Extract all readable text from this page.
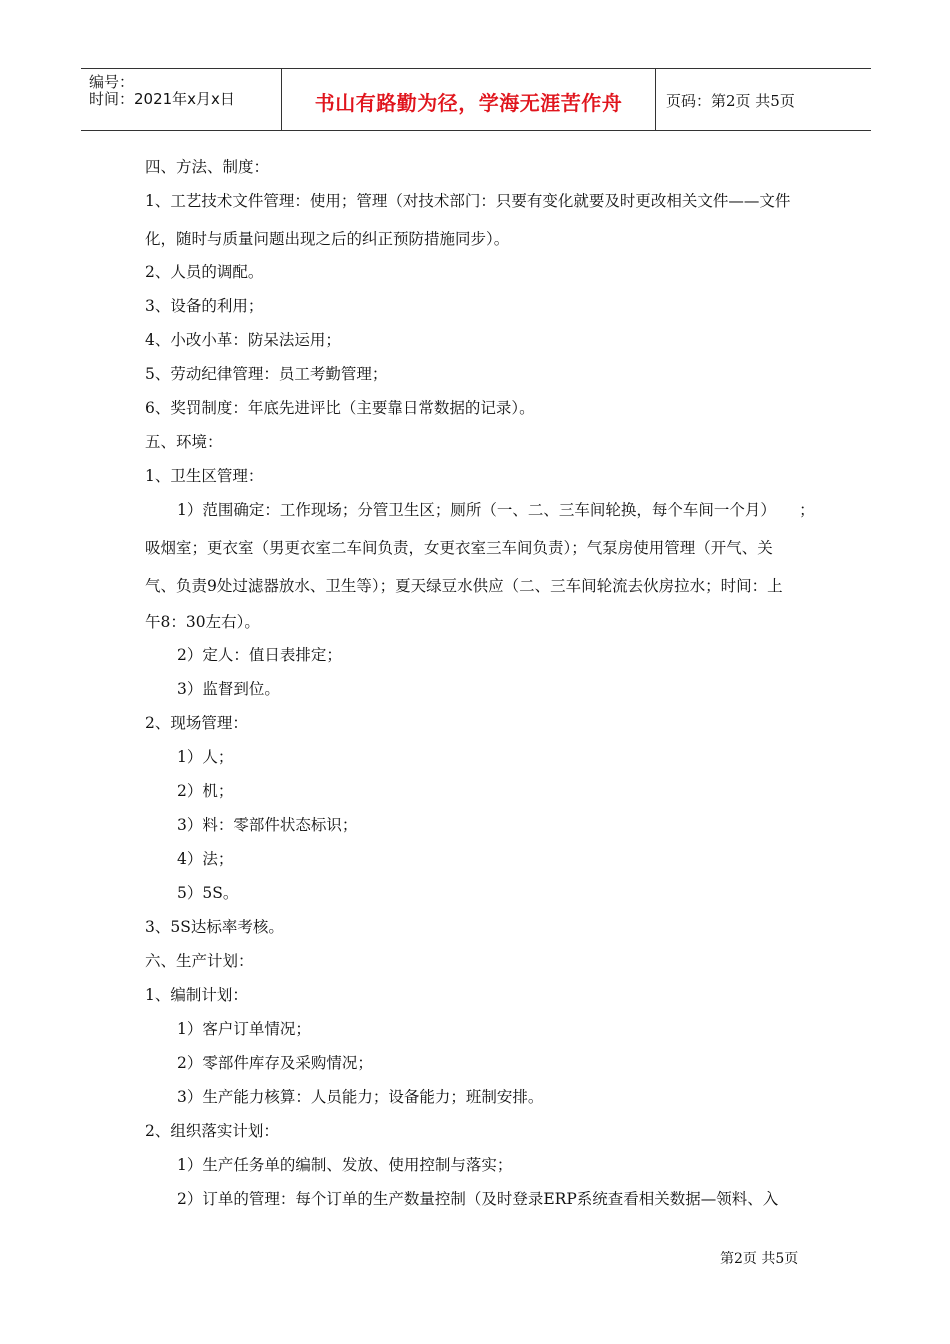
编号：
时间：2021年x月x日	书山有路勤为径，学海无涯苦作舟	页码：第2页 共5页
四、方法、制度：
1、工艺技术文件管理：使用；管理（对技术部门：只要有变化就要及时更改相关文件——文件
化，随时与质量问题出现之后的纠正预防措施同步）。
2、人员的调配。
3、设备的利用；
4、小改小革：防呆法运用；
5、劳动纪律管理：员工考勤管理；
6、奖罚制度：年底先进评比（主要靠日常数据的记录）。
五、环境：
1、卫生区管理：
1）范围确定：工作现场；分管卫生区；厕所（一、二、三车间轮换，每个车间一个月）　　；
吸烟室；更衣室（男更衣室二车间负责，女更衣室三车间负责）；气泵房使用管理（开气、关
气、负责9处过滤器放水、卫生等）；夏天绿豆水供应（二、三车间轮流去伙房拉水；时间：上
午8：30左右）。
2）定人：值日表排定；
3）监督到位。
2、现场管理：
1）人；
2）机；
3）料：零部件状态标识；
4）法；
5）5S。
3、5S达标率考核。
六、生产计划：
1、编制计划：
1）客户订单情况；
2）零部件库存及采购情况；
3）生产能力核算：人员能力；设备能力；班制安排。
2、组织落实计划：
1）生产任务单的编制、发放、使用控制与落实；
2）订单的管理：每个订单的生产数量控制（及时登录ERP系统查看相关数据—领料、入
第2页 共5页
